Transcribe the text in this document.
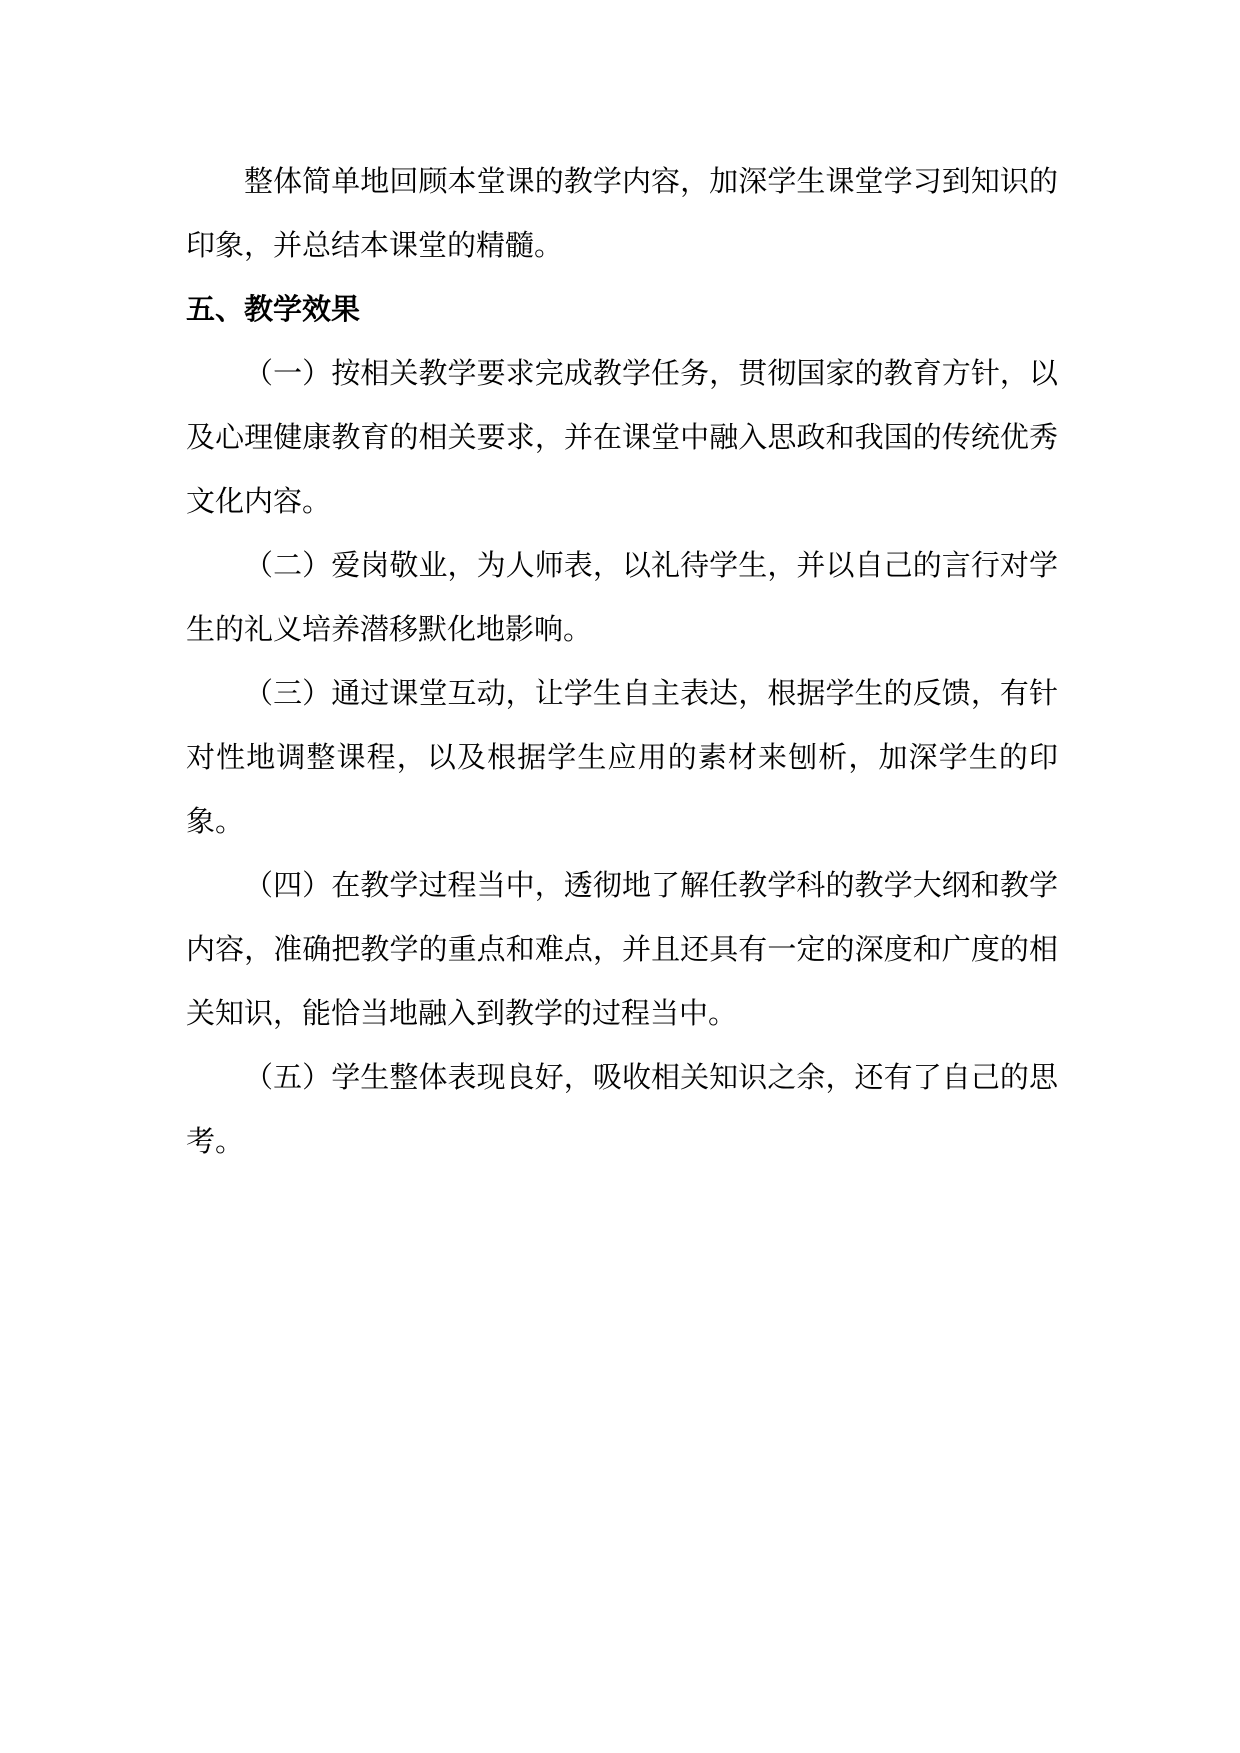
整体简单地回顾本堂课的教学内容，加深学生课堂学习到知识的印象，并总结本课堂的精髓。

五、教学效果

（一）按相关教学要求完成教学任务，贯彻国家的教育方针，以及心理健康教育的相关要求，并在课堂中融入思政和我国的传统优秀文化内容。

（二）爱岗敬业，为人师表，以礼待学生，并以自己的言行对学生的礼义培养潜移默化地影响。

（三）通过课堂互动，让学生自主表达，根据学生的反馈，有针对性地调整课程，以及根据学生应用的素材来刨析，加深学生的印象。

（四）在教学过程当中，透彻地了解任教学科的教学大纲和教学内容，准确把教学的重点和难点，并且还具有一定的深度和广度的相关知识，能恰当地融入到教学的过程当中。

（五）学生整体表现良好，吸收相关知识之余，还有了自己的思考。
